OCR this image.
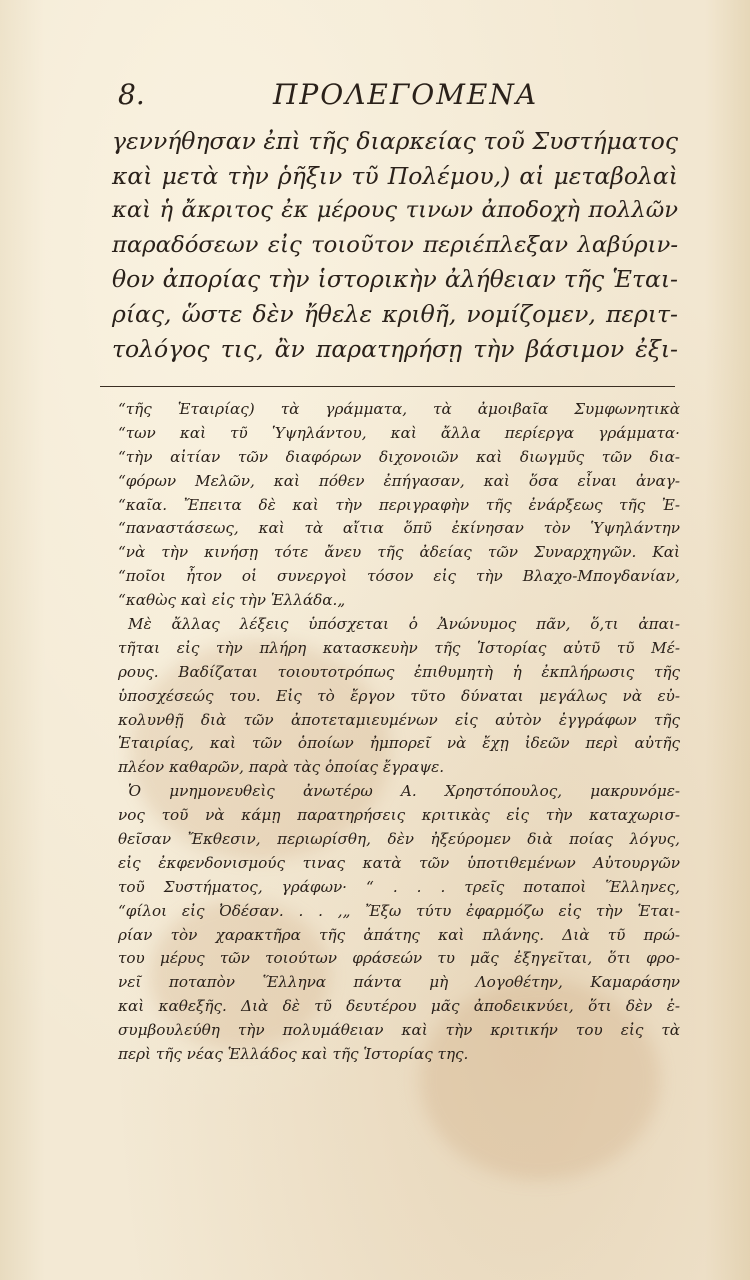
8.	ΠΡΟΛΕΓΟΜΕΝΑ
γεννήθησαν ἐπὶ τῆς διαρκείας τοῦ Συστήματος
καὶ μετὰ τὴν ῥῆξιν τῦ Πολέμου,) αἱ μεταβολαὶ
καὶ ἡ ἄκριτος ἐκ μέρους τινων ἀποδοχὴ πολλῶν
παραδόσεων εἰς τοιοῦτον περιέπλεξαν λαβύριν-
θον ἀπορίας τὴν ἱστορικὴν ἀλήθειαν τῆς Ἑται-
ρίας, ὥστε δὲν ἤθελε κριθῆ, νομίζομεν, περιτ-
τολόγος τις, ἂν παρατηρήσῃ τὴν βάσιμον ἐξι-
“τῆς Ἑταιρίας) τὰ γράμματα, τὰ ἀμοιβαῖα Συμφωνητικὰ
“των καὶ τῦ Ὑψηλάντου, καὶ ἄλλα περίεργα γράμματα·
“τὴν αἰτίαν τῶν διαφόρων διχονοιῶν καὶ διωγμῦς τῶν δια-
“φόρων Μελῶν, καὶ πόθεν ἐπήγασαν, καὶ ὅσα εἶναι ἀναγ-
“καῖα. Ἔπειτα δὲ καὶ τὴν περιγραφὴν τῆς ἐνάρξεως τῆς Ἐ-
“παναστάσεως, καὶ τὰ αἴτια ὅπῦ ἐκίνησαν τὸν Ὑψηλάντην
“νὰ τὴν κινήσῃ τότε ἄνευ τῆς ἀδείας τῶν Συναρχηγῶν. Καὶ
“ποῖοι ἦτον οἱ συνεργοὶ τόσον εἰς τὴν Βλαχο-Μπογδανίαν,
“καθὼς καὶ εἰς τὴν Ἑλλάδα.„
Μὲ ἄλλας λέξεις ὑπόσχεται ὁ Ἀνώνυμος πᾶν, ὅ,τι ἀπαι-
τῆται εἰς τὴν πλήρη κατασκευὴν τῆς Ἱστορίας αὐτῦ τῦ Μέ-
ρους. Βαδίζαται τοιουτοτρόπως ἐπιθυμητὴ ἡ ἐκπλήρωσις τῆς
ὑποσχέσεώς του. Εἰς τὸ ἔργον τῦτο δύναται μεγάλως νὰ εὐ-
κολυνθῇ διὰ τῶν ἀποτεταμιευμένων εἰς αὐτὸν ἐγγράφων τῆς
Ἑταιρίας, καὶ τῶν ὁποίων ἠμπορεῖ νὰ ἔχῃ ἰδεῶν περὶ αὐτῆς
πλέον καθαρῶν, παρὰ τὰς ὁποίας ἔγραψε.
Ὁ μνημονευθεὶς ἀνωτέρω Α. Χρηστόπουλος, μακρυνόμε-
νος τοῦ νὰ κάμῃ παρατηρήσεις κριτικὰς εἰς τὴν καταχωρισ-
θεῖσαν Ἔκθεσιν, περιωρίσθη, δὲν ἠξεύρομεν διὰ ποίας λόγυς,
εἰς ἐκφενδονισμούς τινας κατὰ τῶν ὑποτιθεμένων Αὐτουργῶν
τοῦ Συστήματος, γράφων· “ . . . τρεῖς ποταποὶ Ἕλληνες,
“φίλοι εἰς Ὀδέσαν. . . ,„ Ἔξω τύτυ ἐφαρμόζω εἰς τὴν Ἑται-
ρίαν τὸν χαρακτῆρα τῆς ἀπάτης καὶ πλάνης. Διὰ τῦ πρώ-
του μέρυς τῶν τοιούτων φράσεών τυ μᾶς ἐξηγεῖται, ὅτι φρο-
νεῖ ποταπὸν Ἕλληνα πάντα μὴ Λογοθέτην, Καμαράσην
καὶ καθεξῆς. Διὰ δὲ τῦ δευτέρου μᾶς ἀποδεικνύει, ὅτι δὲν ἐ-
συμβουλεύθη τὴν πολυμάθειαν καὶ τὴν κριτικήν του εἰς τὰ
περὶ τῆς νέας Ἑλλάδος καὶ τῆς Ἱστορίας της.
